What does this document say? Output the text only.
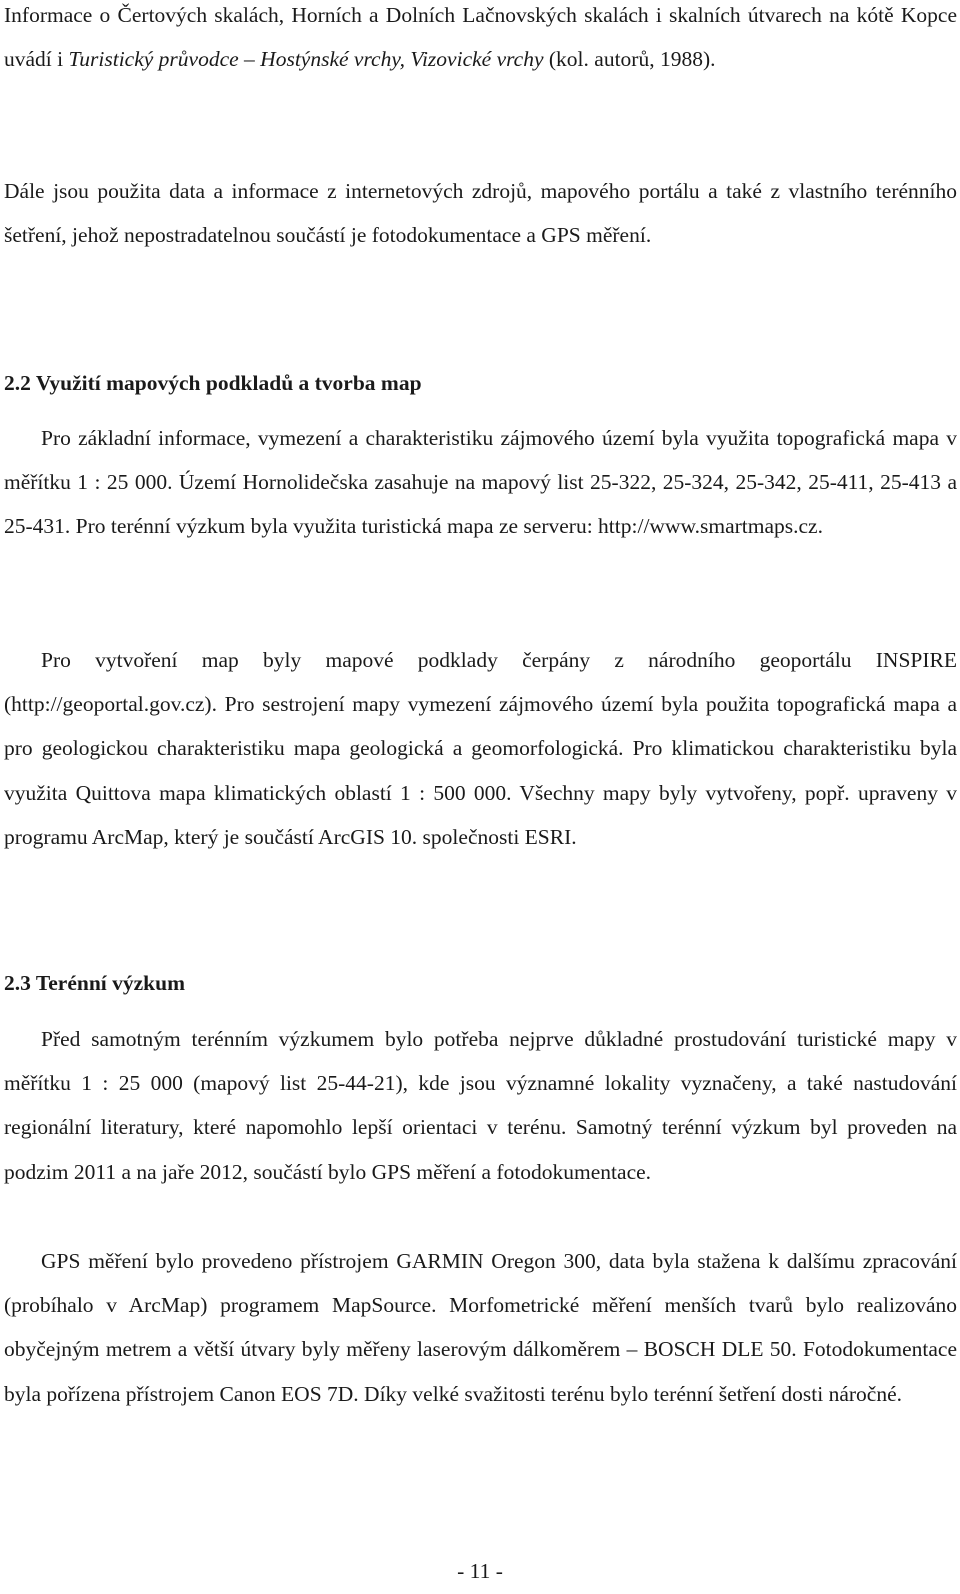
Informace o Čertových skalách, Horních a Dolních Lačnovských skalách i skalních útvarech na kótě Kopce uvádí i Turistický průvodce – Hostýnské vrchy, Vizovické vrchy (kol. autorů, 1988).

Dále jsou použita data a informace z internetových zdrojů, mapového portálu a také z vlastního terénního šetření, jehož nepostradatelnou součástí je fotodokumentace a GPS měření.

2.2 Využití mapových podkladů a tvorba map

Pro základní informace, vymezení a charakteristiku zájmového území byla využita topografická mapa v měřítku 1 : 25 000. Území Hornolidečska zasahuje na mapový list 25-322, 25-324, 25-342, 25-411, 25-413 a 25-431. Pro terénní výzkum byla využita turistická mapa ze serveru: http://www.smartmaps.cz.

Pro vytvoření map byly mapové podklady čerpány z národního geoportálu INSPIRE (http://geoportal.gov.cz). Pro sestrojení mapy vymezení zájmového území byla použita topografická mapa a pro geologickou charakteristiku mapa geologická a geomorfologická. Pro klimatickou charakteristiku byla využita Quittova mapa klimatických oblastí 1 : 500 000. Všechny mapy byly vytvořeny, popř. upraveny v programu ArcMap, který je součástí ArcGIS 10. společnosti ESRI.

2.3 Terénní výzkum

Před samotným terénním výzkumem bylo potřeba nejprve důkladné prostudování turistické mapy v měřítku 1 : 25 000 (mapový list 25-44-21), kde jsou významné lokality vyznačeny, a také nastudování regionální literatury, které napomohlo lepší orientaci v terénu. Samotný terénní výzkum byl proveden na podzim 2011 a na jaře 2012, součástí bylo GPS měření a fotodokumentace.

GPS měření bylo provedeno přístrojem GARMIN Oregon 300, data byla stažena k dalšímu zpracování (probíhalo v ArcMap) programem MapSource. Morfometrické měření menších tvarů bylo realizováno obyčejným metrem a větší útvary byly měřeny laserovým dálkoměrem – BOSCH DLE 50. Fotodokumentace byla pořízena přístrojem Canon EOS 7D. Díky velké svažitosti terénu bylo terénní šetření dosti náročné.

- 11 -
